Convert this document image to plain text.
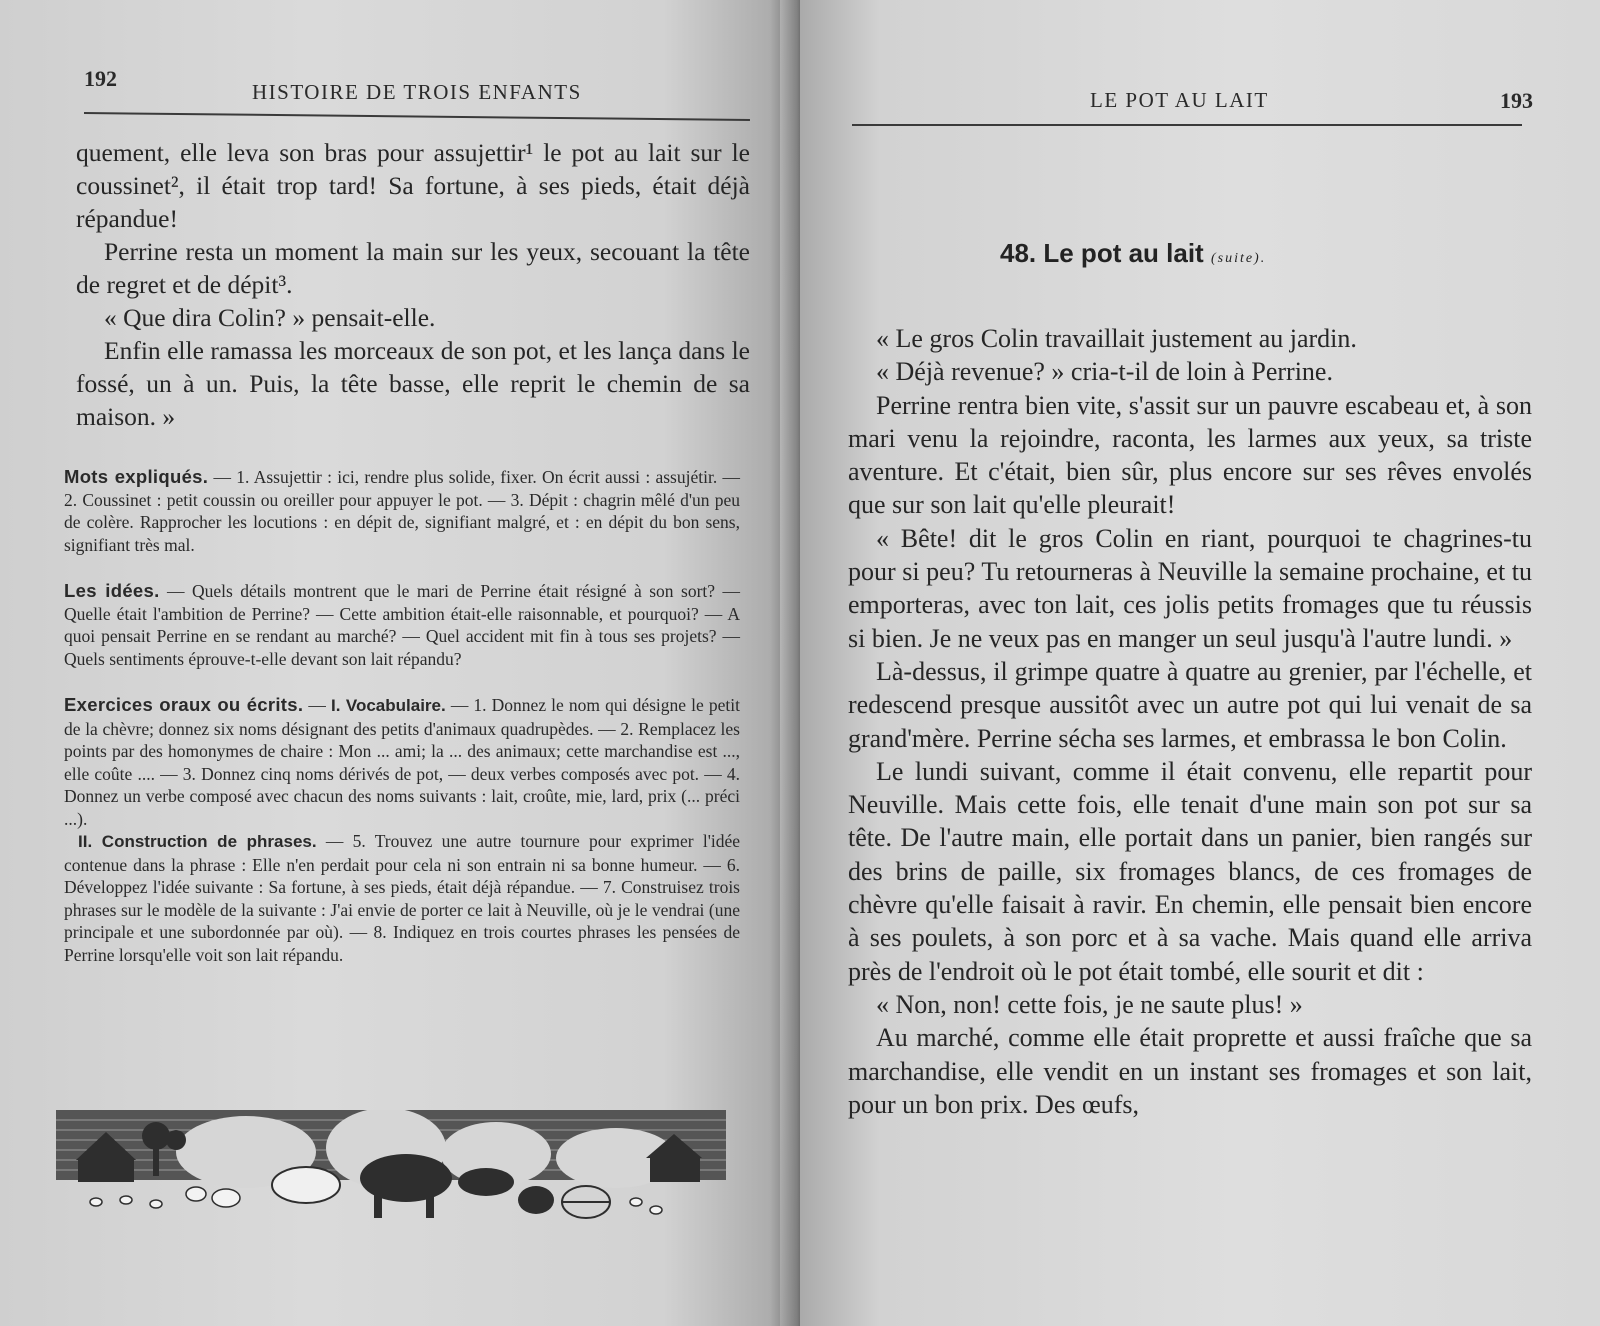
192
HISTOIRE DE TROIS ENFANTS

quement, elle leva son bras pour assujettir¹ le pot au lait sur le coussinet², il était trop tard! Sa fortune, à ses pieds, était déjà répandue!

Perrine resta un moment la main sur les yeux, secouant la tête de regret et de dépit³.

« Que dira Colin? » pensait-elle.

Enfin elle ramassa les morceaux de son pot, et les lança dans le fossé, un à un. Puis, la tête basse, elle reprit le chemin de sa maison. »

Mots expliqués. — 1. Assujettir : ici, rendre plus solide, fixer. On écrit aussi : assujétir. — 2. Coussinet : petit coussin ou oreiller pour appuyer le pot. — 3. Dépit : chagrin mêlé d'un peu de colère. Rapprocher les locutions : en dépit de, signifiant malgré, et : en dépit du bon sens, signifiant très mal.

Les idées. — Quels détails montrent que le mari de Perrine était résigné à son sort? — Quelle était l'ambition de Perrine? — Cette ambition était-elle raisonnable, et pourquoi? — A quoi pensait Perrine en se rendant au marché? — Quel accident mit fin à tous ses projets? — Quels sentiments éprouve-t-elle devant son lait répandu?

Exercices oraux ou écrits. — I. Vocabulaire. — 1. Donnez le nom qui désigne le petit de la chèvre; donnez six noms désignant des petits d'animaux quadrupèdes. — 2. Remplacez les points par des homonymes de chaire : Mon ... ami; la ... des animaux; cette marchandise est ..., elle coûte .... — 3. Donnez cinq noms dérivés de pot, — deux verbes composés avec pot. — 4. Donnez un verbe composé avec chacun des noms suivants : lait, croûte, mie, lard, prix (... préci ...).

II. Construction de phrases. — 5. Trouvez une autre tournure pour exprimer l'idée contenue dans la phrase : Elle n'en perdait pour cela ni son entrain ni sa bonne humeur. — 6. Développez l'idée suivante : Sa fortune, à ses pieds, était déjà répandue. — 7. Construisez trois phrases sur le modèle de la suivante : J'ai envie de porter ce lait à Neuville, où je le vendrai (une principale et une subordonnée par où). — 8. Indiquez en trois courtes phrases les pensées de Perrine lorsqu'elle voit son lait répandu.

LE POT AU LAIT	193
48. Le pot au lait (suite).

« Le gros Colin travaillait justement au jardin.

« Déjà revenue? » cria-t-il de loin à Perrine.

Perrine rentra bien vite, s'assit sur un pauvre escabeau et, à son mari venu la rejoindre, raconta, les larmes aux yeux, sa triste aventure. Et c'était, bien sûr, plus encore sur ses rêves envolés que sur son lait qu'elle pleurait!

« Bête! dit le gros Colin en riant, pourquoi te chagrines-tu pour si peu? Tu retourneras à Neuville la semaine prochaine, et tu emporteras, avec ton lait, ces jolis petits fromages que tu réussis si bien. Je ne veux pas en manger un seul jusqu'à l'autre lundi. »

Là-dessus, il grimpe quatre à quatre au grenier, par l'échelle, et redescend presque aussitôt avec un autre pot qui lui venait de sa grand'mère. Perrine sécha ses larmes, et embrassa le bon Colin.

Le lundi suivant, comme il était convenu, elle repartit pour Neuville. Mais cette fois, elle tenait d'une main son pot sur sa tête. De l'autre main, elle portait dans un panier, bien rangés sur des brins de paille, six fromages blancs, de ces fromages de chèvre qu'elle faisait à ravir. En chemin, elle pensait bien encore à ses poulets, à son porc et à sa vache. Mais quand elle arriva près de l'endroit où le pot était tombé, elle sourit et dit :

« Non, non! cette fois, je ne saute plus! »

Au marché, comme elle était proprette et aussi fraîche que sa marchandise, elle vendit en un instant ses fromages et son lait, pour un bon prix. Des œufs,
